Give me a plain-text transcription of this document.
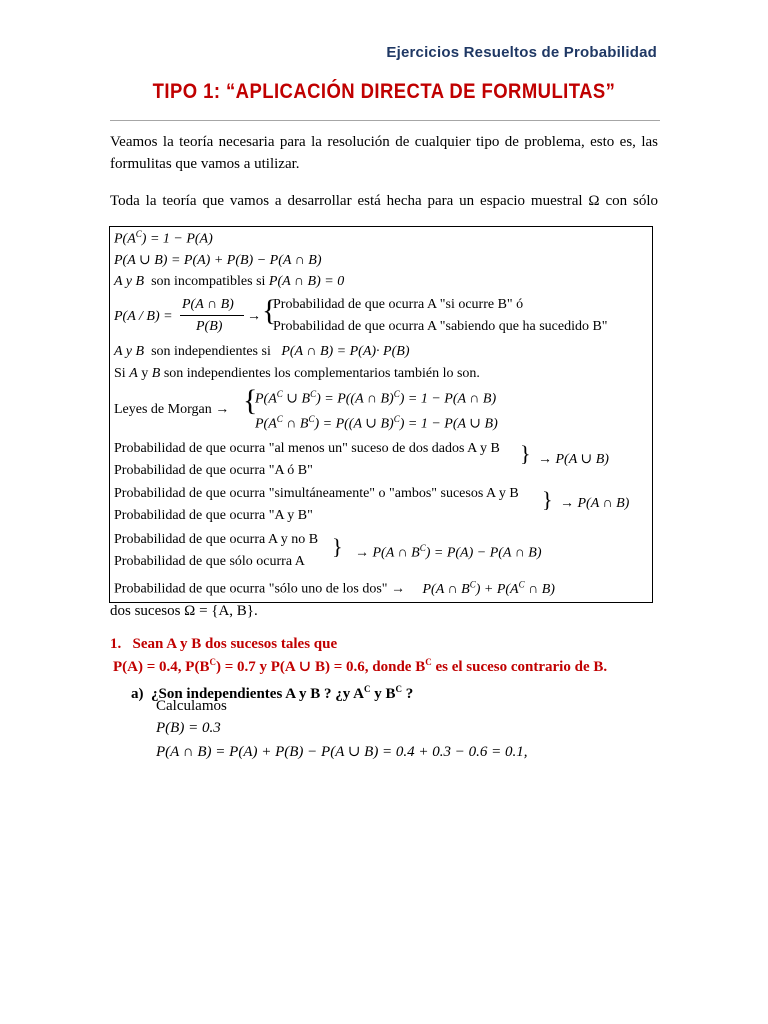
Ejercicios Resueltos de Probabilidad
TIPO 1: “APLICACIÓN DIRECTA DE FORMULITAS”
Veamos la teoría necesaria para la resolución de cualquier tipo de problema, esto es, las formulitas que vamos a utilizar.
Toda la teoría que vamos a desarrollar está hecha para un espacio muestral Ω con sólo
$P(A^C) = 1 - P(A)$
P(A ∪ B) = P(A) + P(B) − P(A ∩ B)
A y B son incompatibles si P(A ∩ B) = 0
P(A / B) =
P(A ∩ B)
P(B)
→ {
Probabilidad de que ocurra A "si ocurre B" ó
Probabilidad de que ocurra A "sabiendo que ha sucedido B"
A y B son independientes si P(A ∩ B) = P(A)· P(B)
Si A y B son independientes los complementarios también lo son.
Leyes de Morgan → {
$P(A^C$ ∪ $B^C) = P((A$ ∩ B)$^C$) = 1 − P(A ∩ B)
$P(A^C$ ∩ $B^C) = P((A$ ∪ B)$^C$) = 1 − P(A ∪ B)
Probabilidad de que ocurra "al menos un" suceso de dos dados A y B
Probabilidad de que ocurra "A ó B"
} → P(A ∪ B)
Probabilidad de que ocurra "simultáneamente" o "ambos" sucesos A y B
Probabilidad de que ocurra "A y B"
} → P(A ∩ B)
Probabilidad de que ocurra A y no B
Probabilidad de que sólo ocurra A
} → P(A ∩ $B^C) = P(A) - P(A$ ∩ B)
Probabilidad de que ocurra "sólo uno de los dos" → P(A ∩ $B^C) + P(A^C$ ∩ B)
dos sucesos Ω = {A, B}.
1. Sean A y B dos sucesos tales que
P(A) = 0.4, $P(B^C) = 0.7$ y P(A ∪ B) = 0.6, donde $B^C$ es el suceso contrario de B.
a) ¿Son independientes A y B ? ¿y $A^C$ y $B^C$ ?
Calculamos
P(B) = 0.3
P(A ∩ B) = P(A) + P(B) − P(A ∪ B) = 0.4 + 0.3 − 0.6 = 0.1,
